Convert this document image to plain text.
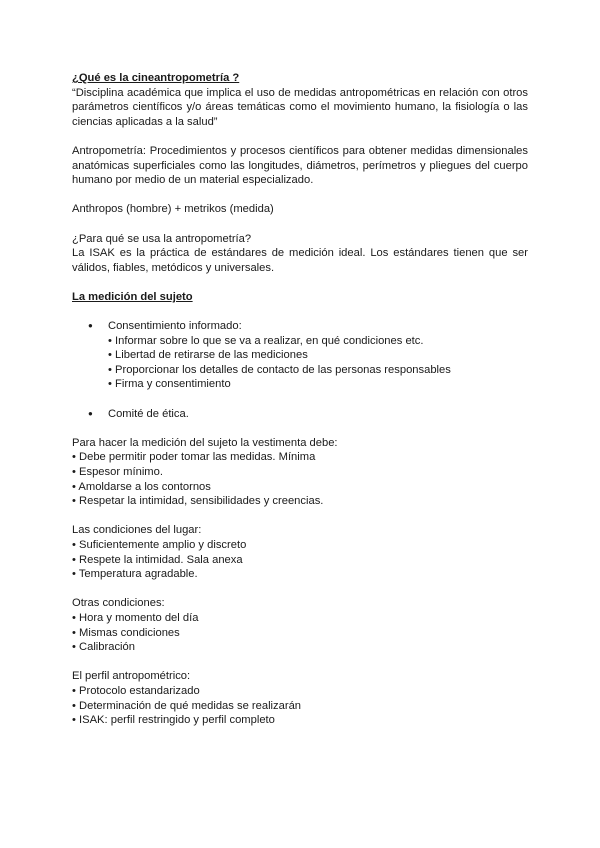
¿Qué es la cineantropometría ?

“Disciplina académica que implica el uso de medidas antropométricas en relación con otros parámetros científicos y/o áreas temáticas como el movimiento humano, la fisiología o las ciencias aplicadas a la salud”

Antropometría: Procedimientos y procesos científicos para obtener medidas dimensionales anatómicas superficiales como las longitudes, diámetros, perímetros y pliegues del cuerpo humano por medio de un material especializado.

Anthropos (hombre) + metrikos (medida)

¿Para qué se usa la antropometría?

La ISAK es la práctica de estándares de medición ideal. Los estándares tienen que ser válidos, fiables, metódicos y universales.

La medición del sujeto

● Consentimiento informado:
• Informar sobre lo que se va a realizar, en qué condiciones etc.
• Libertad de retirarse de las mediciones
• Proporcionar los detalles de contacto de las personas responsables
• Firma y consentimiento
● Comité de ética.

Para hacer la medición del sujeto la vestimenta debe:

• Debe permitir poder tomar las medidas. Mínima

• Espesor mínimo.

• Amoldarse a los contornos

• Respetar la intimidad, sensibilidades y creencias.

Las condiciones del lugar:

• Suficientemente amplio y discreto

• Respete la intimidad. Sala anexa

• Temperatura agradable.

Otras condiciones:

• Hora y momento del día

• Mismas condiciones

• Calibración

El perfil antropométrico:

• Protocolo estandarizado

• Determinación de qué medidas se realizarán

• ISAK: perfil restringido y perfil completo
